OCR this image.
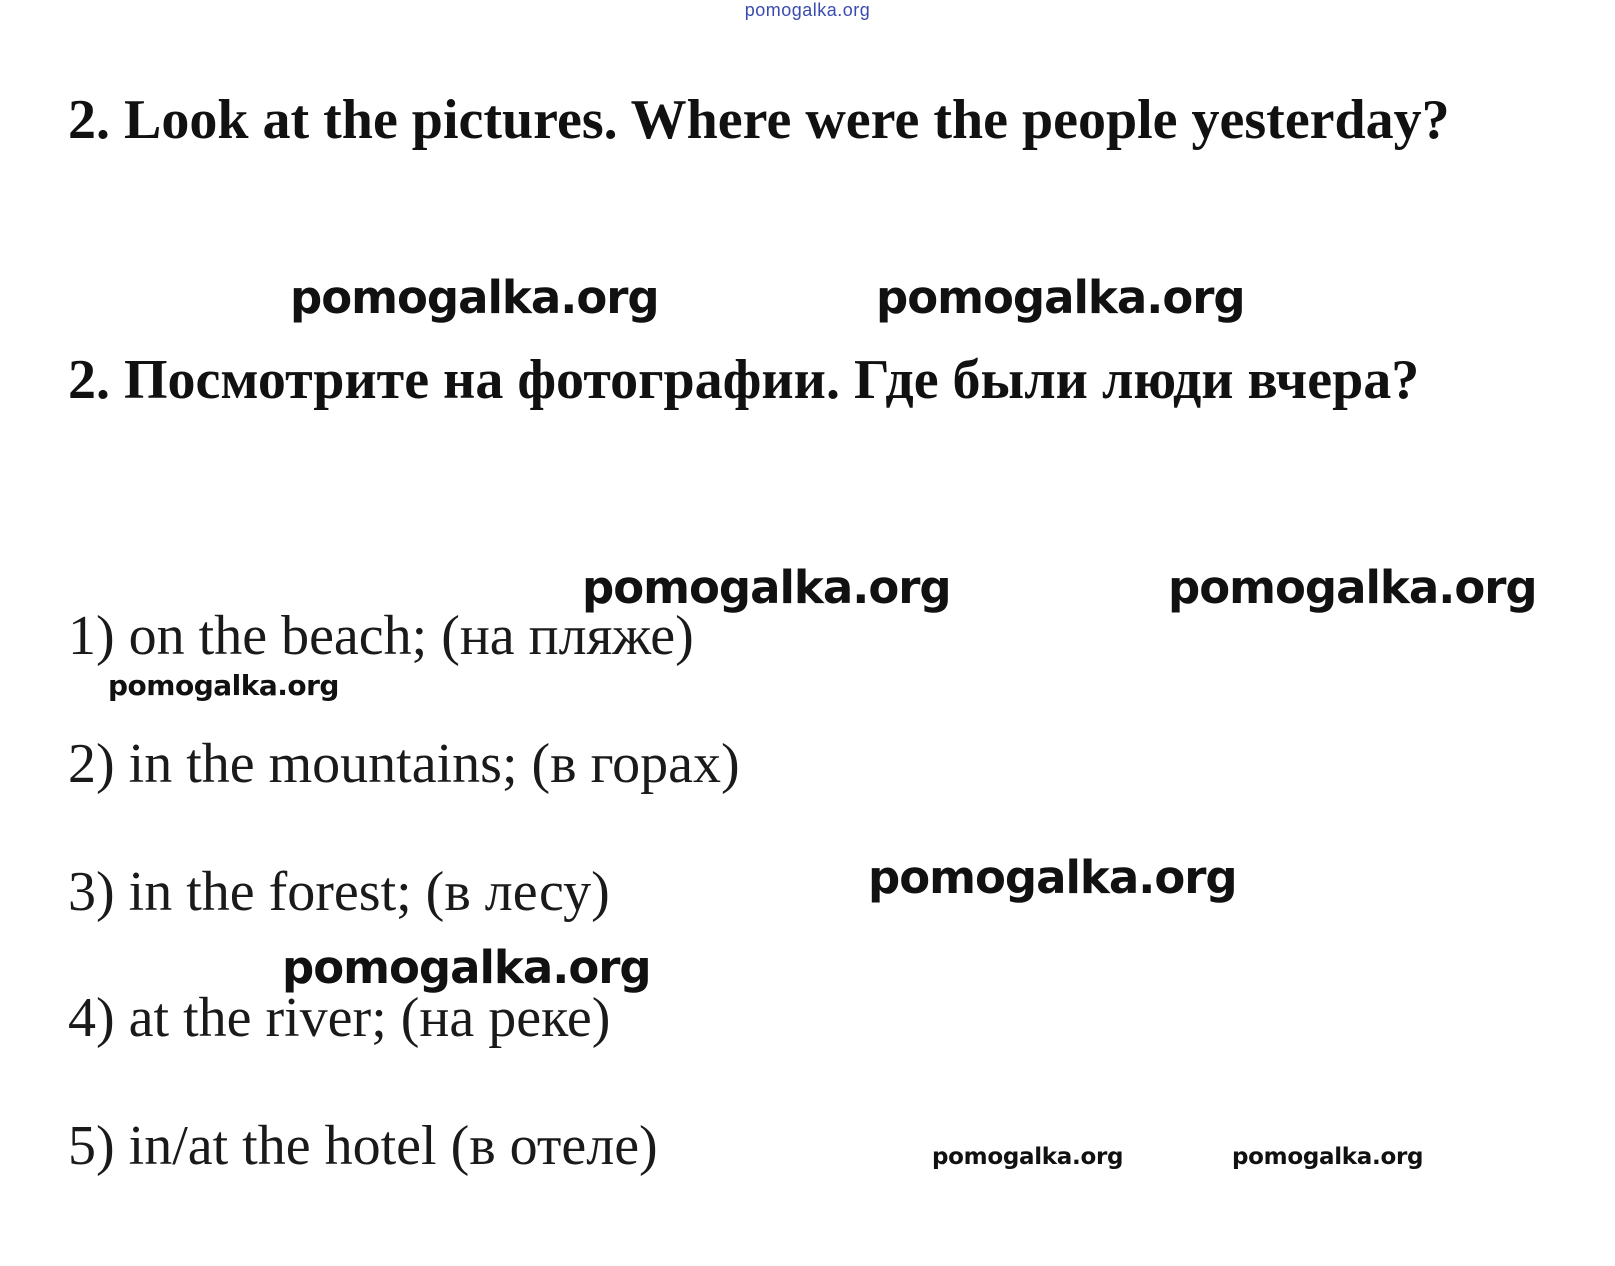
pomogalka.org
2. Look at the pictures. Where were the people yesterday?
pomogalka.org	pomogalka.org
2. Посмотрите на фотографии. Где были люди вчера?
pomogalka.org	pomogalka.org
1) on the beach; (на пляже)
pomogalka.org
2) in the mountains; (в горах)
pomogalka.org
3) in the forest; (в лесу)
pomogalka.org
4) at the river; (на реке)
5) in/at the hotel (в отеле)	pomogalka.org	pomogalka.org
